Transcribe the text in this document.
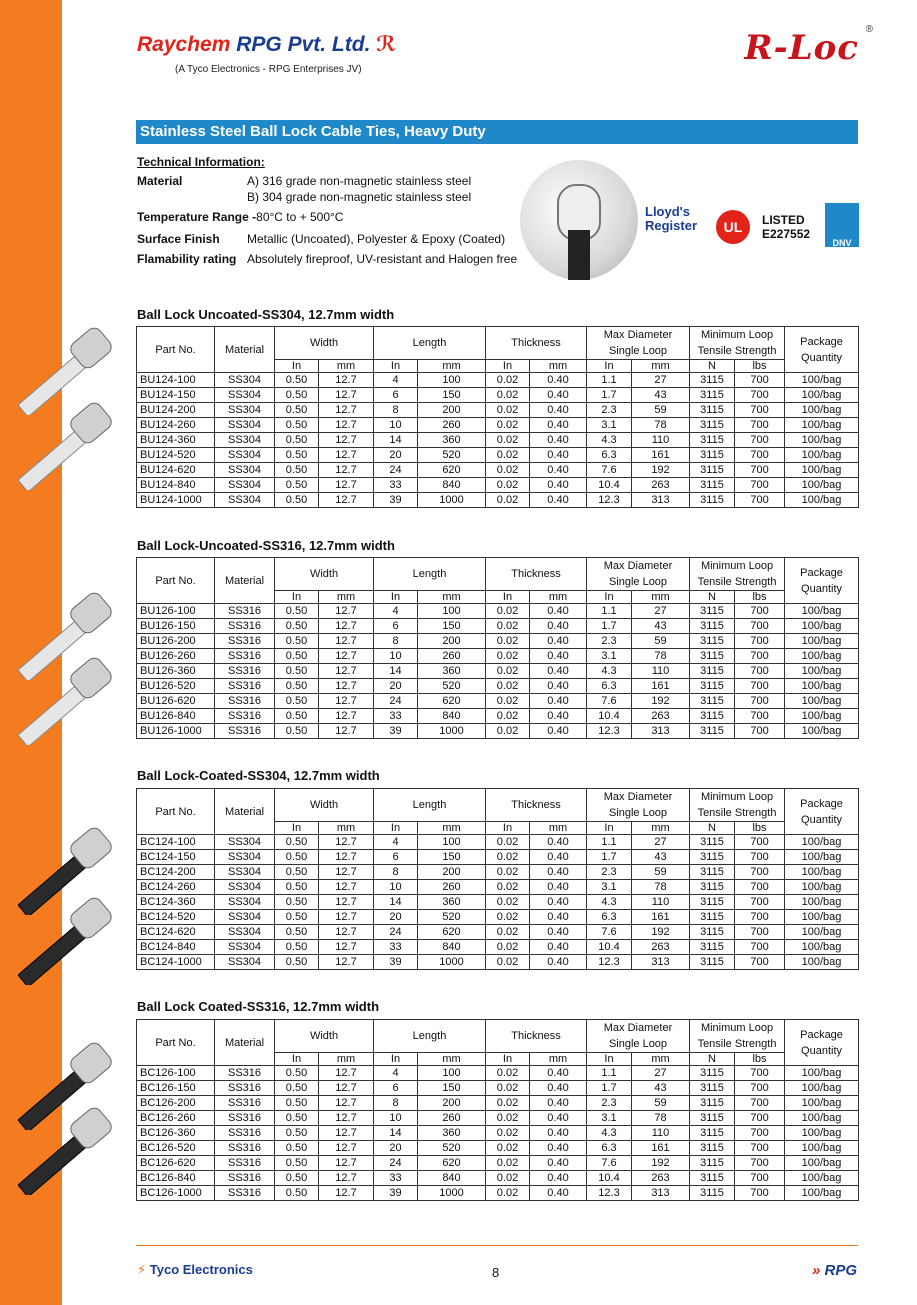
Raychem RPG Pvt. Ltd. ℛ
(A Tyco Electronics - RPG Enterprises JV)
R-Loc ®
Stainless Steel Ball Lock Cable Ties, Heavy Duty
Technical Information:
Material	A) 316 grade non-magnetic stainless steel
B) 304 grade non-magnetic stainless steel
Temperature Range -80°C to + 500°C
Surface Finish Metallic (Uncoated), Polyester & Epoxy (Coated)
Flamability rating Absolutely fireproof, UV-resistant and Halogen free
Lloyd's Register	UL	LISTED
E227552
DNV
Ball Lock Uncoated-SS304, 12.7mm width
Part No.	Material	Width		Length		Thickness		Max Diameter
Single Loop		Minimum Loop
Tensile Strength		Package
Quantity
		In	mm	In	mm	In	mm	In	mm	N	lbs	
BU124-100	SS304	0.50	12.7	4	100	0.02	0.40	1.1	27	3115	700	100/bag
BU124-150	SS304	0.50	12.7	6	150	0.02	0.40	1.7	43	3115	700	100/bag
BU124-200	SS304	0.50	12.7	8	200	0.02	0.40	2.3	59	3115	700	100/bag
BU124-260	SS304	0.50	12.7	10	260	0.02	0.40	3.1	78	3115	700	100/bag
BU124-360	SS304	0.50	12.7	14	360	0.02	0.40	4.3	110	3115	700	100/bag
BU124-520	SS304	0.50	12.7	20	520	0.02	0.40	6.3	161	3115	700	100/bag
BU124-620	SS304	0.50	12.7	24	620	0.02	0.40	7.6	192	3115	700	100/bag
BU124-840	SS304	0.50	12.7	33	840	0.02	0.40	10.4	263	3115	700	100/bag
BU124-1000	SS304	0.50	12.7	39	1000	0.02	0.40	12.3	313	3115	700	100/bag
Ball Lock-Uncoated-SS316, 12.7mm width
Part No.	Material	Width		Length		Thickness		Max Diameter
Single Loop		Minimum Loop
Tensile Strength		Package
Quantity
		In	mm	In	mm	In	mm	In	mm	N	lbs	
BU126-100	SS316	0.50	12.7	4	100	0.02	0.40	1.1	27	3115	700	100/bag
BU126-150	SS316	0.50	12.7	6	150	0.02	0.40	1.7	43	3115	700	100/bag
BU126-200	SS316	0.50	12.7	8	200	0.02	0.40	2.3	59	3115	700	100/bag
BU126-260	SS316	0.50	12.7	10	260	0.02	0.40	3.1	78	3115	700	100/bag
BU126-360	SS316	0.50	12.7	14	360	0.02	0.40	4.3	110	3115	700	100/bag
BU126-520	SS316	0.50	12.7	20	520	0.02	0.40	6.3	161	3115	700	100/bag
BU126-620	SS316	0.50	12.7	24	620	0.02	0.40	7.6	192	3115	700	100/bag
BU126-840	SS316	0.50	12.7	33	840	0.02	0.40	10.4	263	3115	700	100/bag
BU126-1000	SS316	0.50	12.7	39	1000	0.02	0.40	12.3	313	3115	700	100/bag
Ball Lock-Coated-SS304, 12.7mm width
Part No.	Material	Width		Length		Thickness		Max Diameter
Single Loop		Minimum Loop
Tensile Strength		Package
Quantity
		In	mm	In	mm	In	mm	In	mm	N	lbs	
BC124-100	SS304	0.50	12.7	4	100	0.02	0.40	1.1	27	3115	700	100/bag
BC124-150	SS304	0.50	12.7	6	150	0.02	0.40	1.7	43	3115	700	100/bag
BC124-200	SS304	0.50	12.7	8	200	0.02	0.40	2.3	59	3115	700	100/bag
BC124-260	SS304	0.50	12.7	10	260	0.02	0.40	3.1	78	3115	700	100/bag
BC124-360	SS304	0.50	12.7	14	360	0.02	0.40	4.3	110	3115	700	100/bag
BC124-520	SS304	0.50	12.7	20	520	0.02	0.40	6.3	161	3115	700	100/bag
BC124-620	SS304	0.50	12.7	24	620	0.02	0.40	7.6	192	3115	700	100/bag
BC124-840	SS304	0.50	12.7	33	840	0.02	0.40	10.4	263	3115	700	100/bag
BC124-1000	SS304	0.50	12.7	39	1000	0.02	0.40	12.3	313	3115	700	100/bag
Ball Lock Coated-SS316, 12.7mm width
Part No.	Material	Width		Length		Thickness		Max Diameter
Single Loop		Minimum Loop
Tensile Strength		Package
Quantity
		In	mm	In	mm	In	mm	In	mm	N	lbs	
BC126-100	SS316	0.50	12.7	4	100	0.02	0.40	1.1	27	3115	700	100/bag
BC126-150	SS316	0.50	12.7	6	150	0.02	0.40	1.7	43	3115	700	100/bag
BC126-200	SS316	0.50	12.7	8	200	0.02	0.40	2.3	59	3115	700	100/bag
BC126-260	SS316	0.50	12.7	10	260	0.02	0.40	3.1	78	3115	700	100/bag
BC126-360	SS316	0.50	12.7	14	360	0.02	0.40	4.3	110	3115	700	100/bag
BC126-520	SS316	0.50	12.7	20	520	0.02	0.40	6.3	161	3115	700	100/bag
BC126-620	SS316	0.50	12.7	24	620	0.02	0.40	7.6	192	3115	700	100/bag
BC126-840	SS316	0.50	12.7	33	840	0.02	0.40	10.4	263	3115	700	100/bag
BC126-1000	SS316	0.50	12.7	39	1000	0.02	0.40	12.3	313	3115	700	100/bag
⚡ Tyco Electronics	8	» RPG
